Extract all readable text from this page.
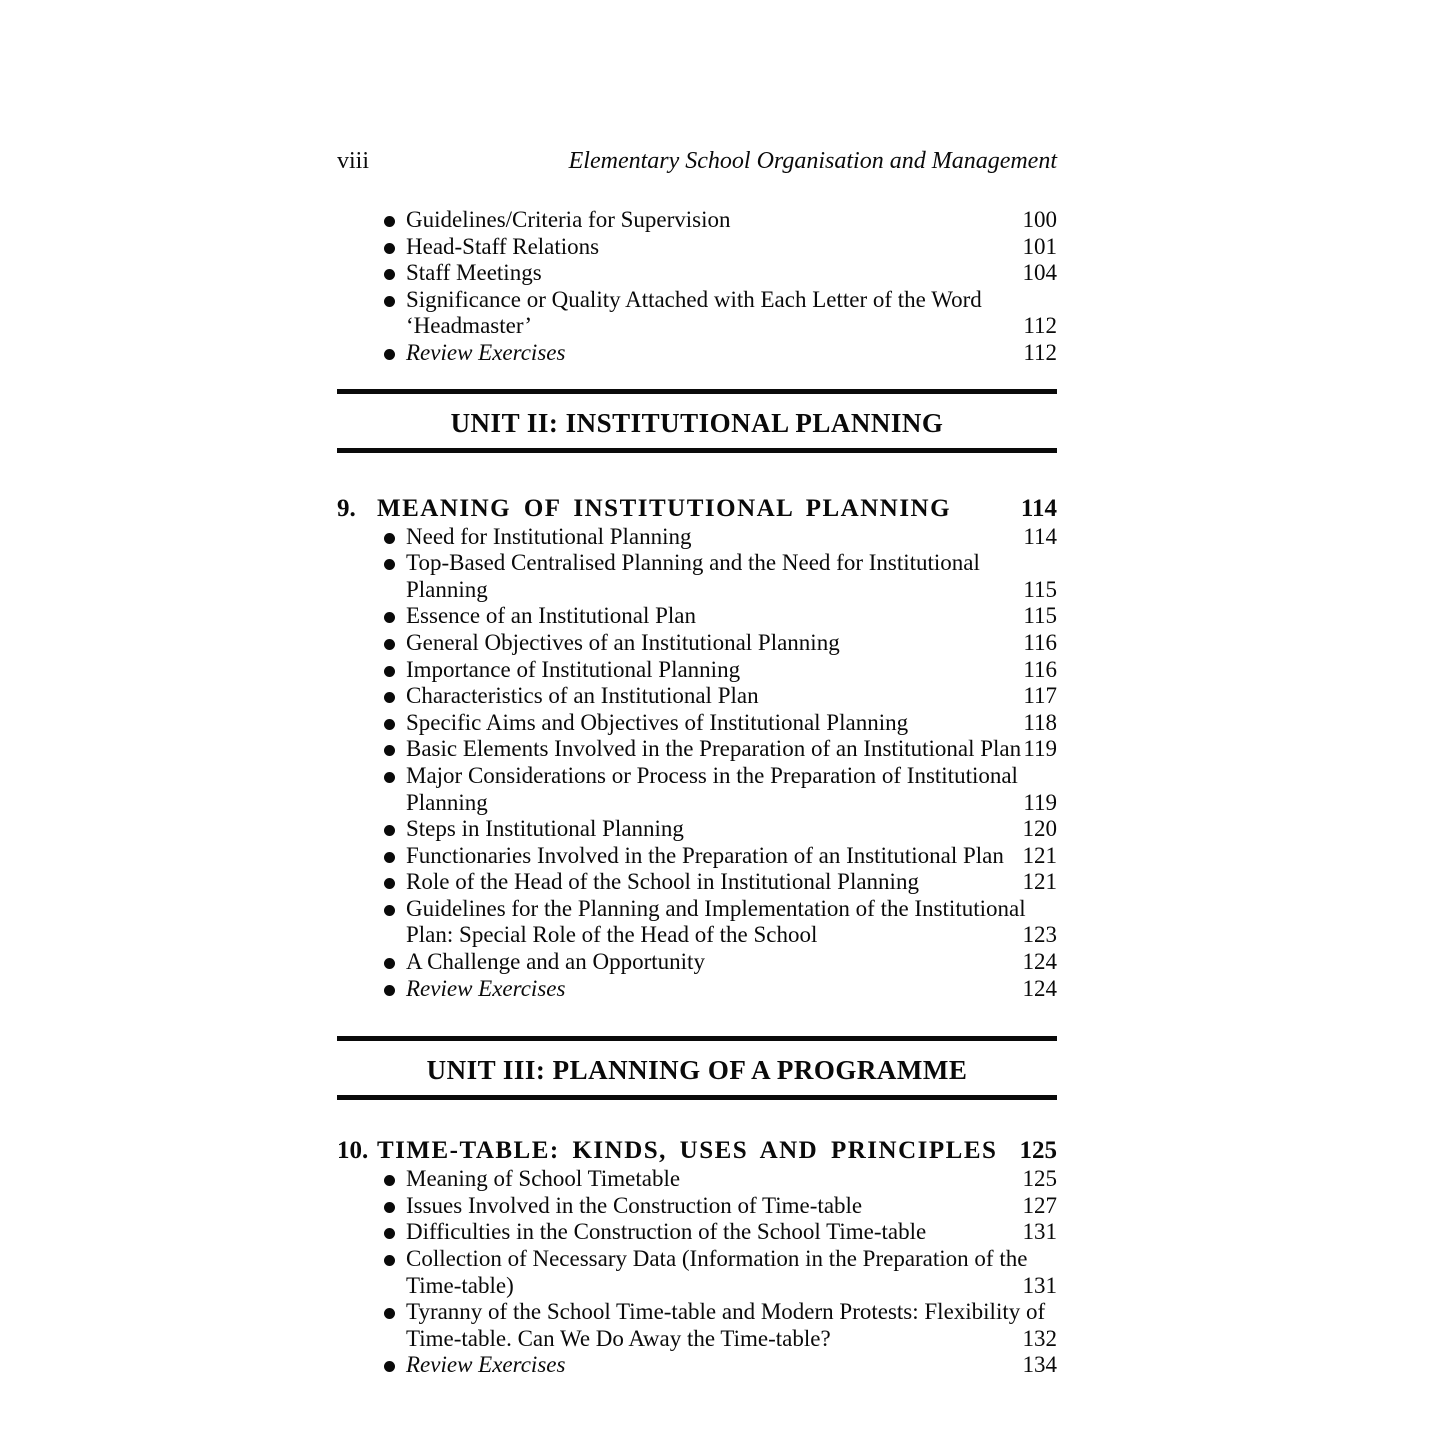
viii	Elementary School Organisation and Management
Guidelines/Criteria for Supervision	100
Head-Staff Relations	101
Staff Meetings	104
Significance or Quality Attached with Each Letter of the Word
‘Headmaster’	112
Review Exercises	112
UNIT II: INSTITUTIONAL PLANNING
9. MEANING OF INSTITUTIONAL PLANNING	114
Need for Institutional Planning	114
Top-Based Centralised Planning and the Need for Institutional
Planning	115
Essence of an Institutional Plan	115
General Objectives of an Institutional Planning	116
Importance of Institutional Planning	116
Characteristics of an Institutional Plan	117
Specific Aims and Objectives of Institutional Planning	118
Basic Elements Involved in the Preparation of an Institutional Plan 119
Major Considerations or Process in the Preparation of Institutional
Planning	119
Steps in Institutional Planning	120
Functionaries Involved in the Preparation of an Institutional Plan 121
Role of the Head of the School in Institutional Planning	121
Guidelines for the Planning and Implementation of the Institutional
Plan: Special Role of the Head of the School	123
A Challenge and an Opportunity	124
Review Exercises	124
UNIT III: PLANNING OF A PROGRAMME
10. TIME-TABLE: KINDS, USES AND PRINCIPLES 125
Meaning of School Timetable	125
Issues Involved in the Construction of Time-table	127
Difficulties in the Construction of the School Time-table	131
Collection of Necessary Data (Information in the Preparation of the
Time-table)	131
Tyranny of the School Time-table and Modern Protests: Flexibility of
Time-table. Can We Do Away the Time-table?	132
Review Exercises	134
